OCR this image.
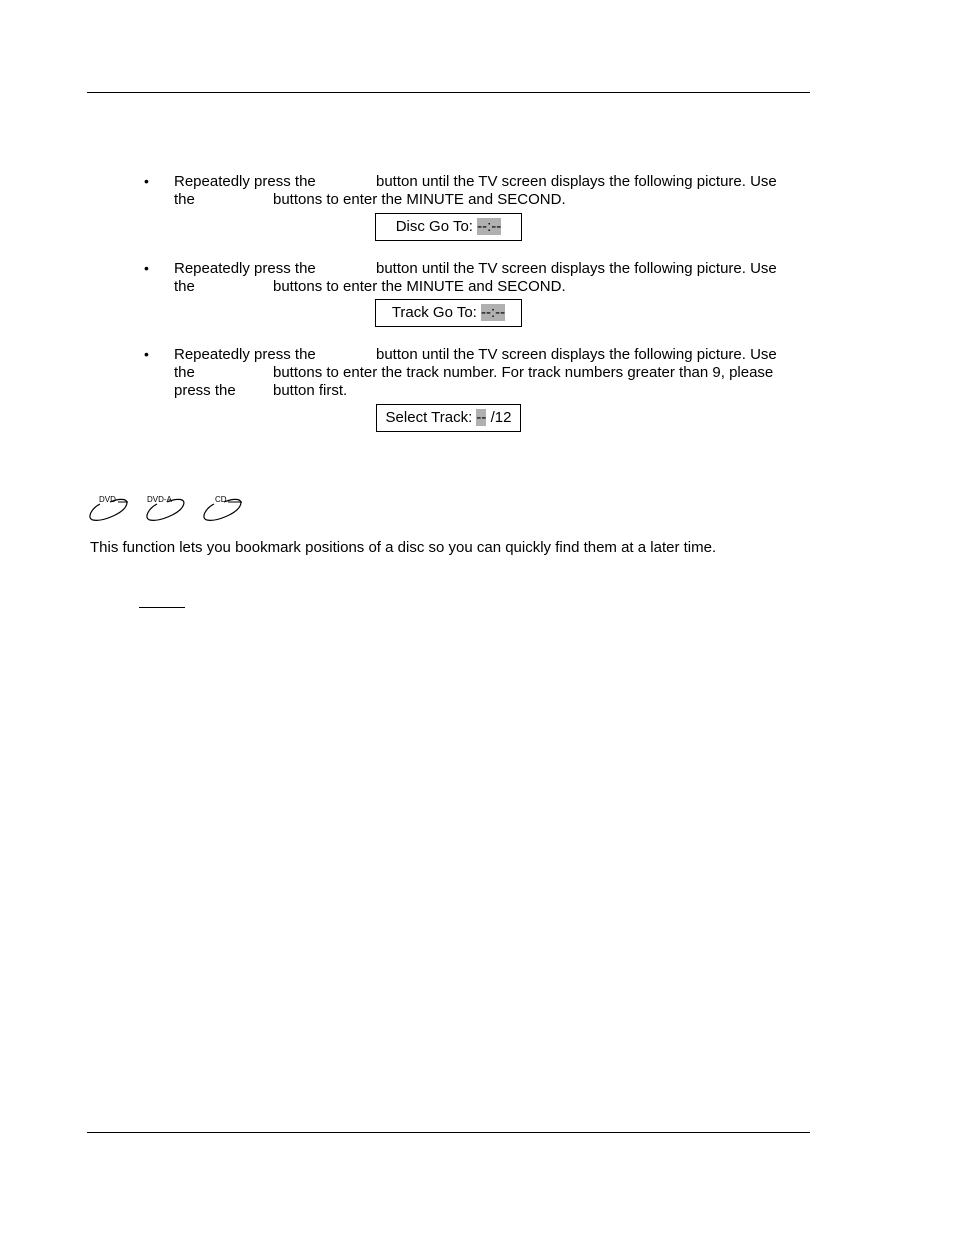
• Repeatedly press the	button until the TV screen displays the following picture. Use
the	buttons to enter the MINUTE and SECOND.
Disc Go To: --:--
• Repeatedly press the	button until the TV screen displays the following picture. Use
the	buttons to enter the MINUTE and SECOND.
Track Go To: --:--
• Repeatedly press the	button until the TV screen displays the following picture. Use
the	buttons to enter the track number. For track numbers greater than 9, please
press the button first.
Select Track: -- /12
DVD	DVD-A	CD
This function lets you bookmark positions of a disc so you can quickly find them at a later time.
